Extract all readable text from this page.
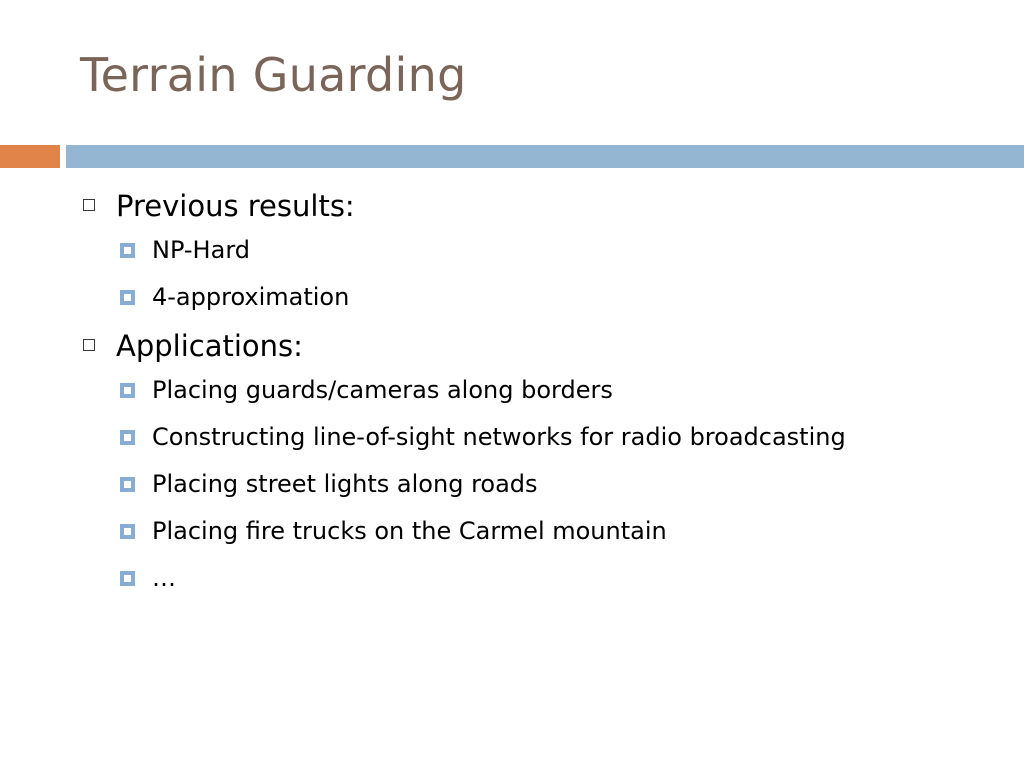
Terrain Guarding
Previous results:
NP-Hard
4-approximation
Applications:
Placing guards/cameras along borders
Constructing line-of-sight networks for radio broadcasting
Placing street lights along roads
Placing fire trucks on the Carmel mountain
…
